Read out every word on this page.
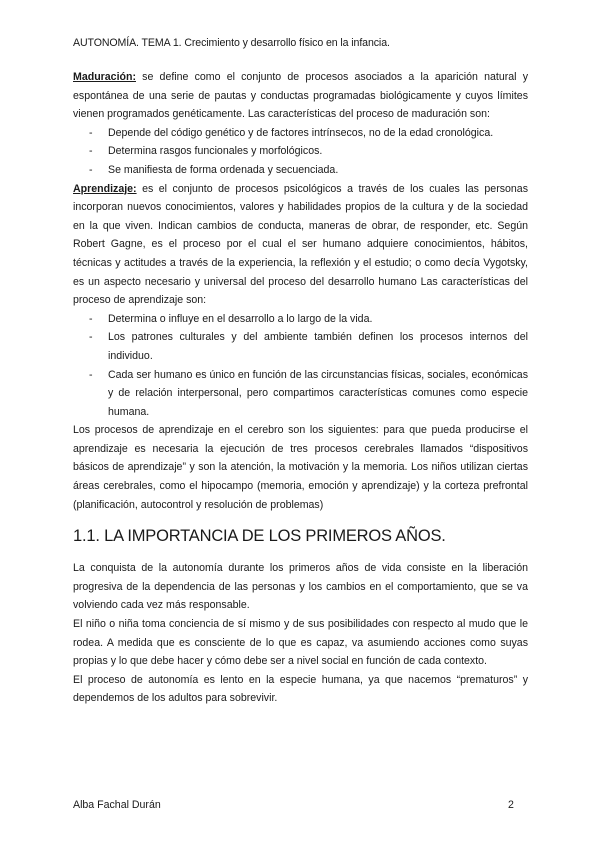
AUTONOMÍA. TEMA 1. Crecimiento y desarrollo físico en la infancia.

Maduración: se define como el conjunto de procesos asociados a la aparición natural y espontánea de una serie de pautas y conductas programadas biológicamente y cuyos límites vienen programados genéticamente. Las características del proceso de maduración son:

- Depende del código genético y de factores intrínsecos, no de la edad cronológica.
- Determina rasgos funcionales y morfológicos.
- Se manifiesta de forma ordenada y secuenciada.

Aprendizaje: es el conjunto de procesos psicológicos a través de los cuales las personas incorporan nuevos conocimientos, valores y habilidades propios de la cultura y de la sociedad en la que viven. Indican cambios de conducta, maneras de obrar, de responder, etc. Según Robert Gagne, es el proceso por el cual el ser humano adquiere conocimientos, hábitos, técnicas y actitudes a través de la experiencia, la reflexión y el estudio; o como decía Vygotsky, es un aspecto necesario y universal del proceso del desarrollo humano Las características del proceso de aprendizaje son:

- Determina o influye en el desarrollo a lo largo de la vida.
- Los patrones culturales y del ambiente también definen los procesos internos del individuo.
- Cada ser humano es único en función de las circunstancias físicas, sociales, económicas y de relación interpersonal, pero compartimos características comunes como especie humana.

Los procesos de aprendizaje en el cerebro son los siguientes: para que pueda producirse el aprendizaje es necesaria la ejecución de tres procesos cerebrales llamados “dispositivos básicos de aprendizaje” y son la atención, la motivación y la memoria. Los niños utilizan ciertas áreas cerebrales, como el hipocampo (memoria, emoción y aprendizaje) y la corteza prefrontal (planificación, autocontrol y resolución de problemas)

1.1. LA IMPORTANCIA DE LOS PRIMEROS AÑOS.

La conquista de la autonomía durante los primeros años de vida consiste en la liberación progresiva de la dependencia de las personas y los cambios en el comportamiento, que se va volviendo cada vez más responsable.

El niño o niña toma conciencia de sí mismo y de sus posibilidades con respecto al mudo que le rodea. A medida que es consciente de lo que es capaz, va asumiendo acciones como suyas propias y lo que debe hacer y cómo debe ser a nivel social en función de cada contexto.

El proceso de autonomía es lento en la especie humana, ya que nacemos “prematuros” y dependemos de los adultos para sobrevivir.

Alba Fachal Durán	2
